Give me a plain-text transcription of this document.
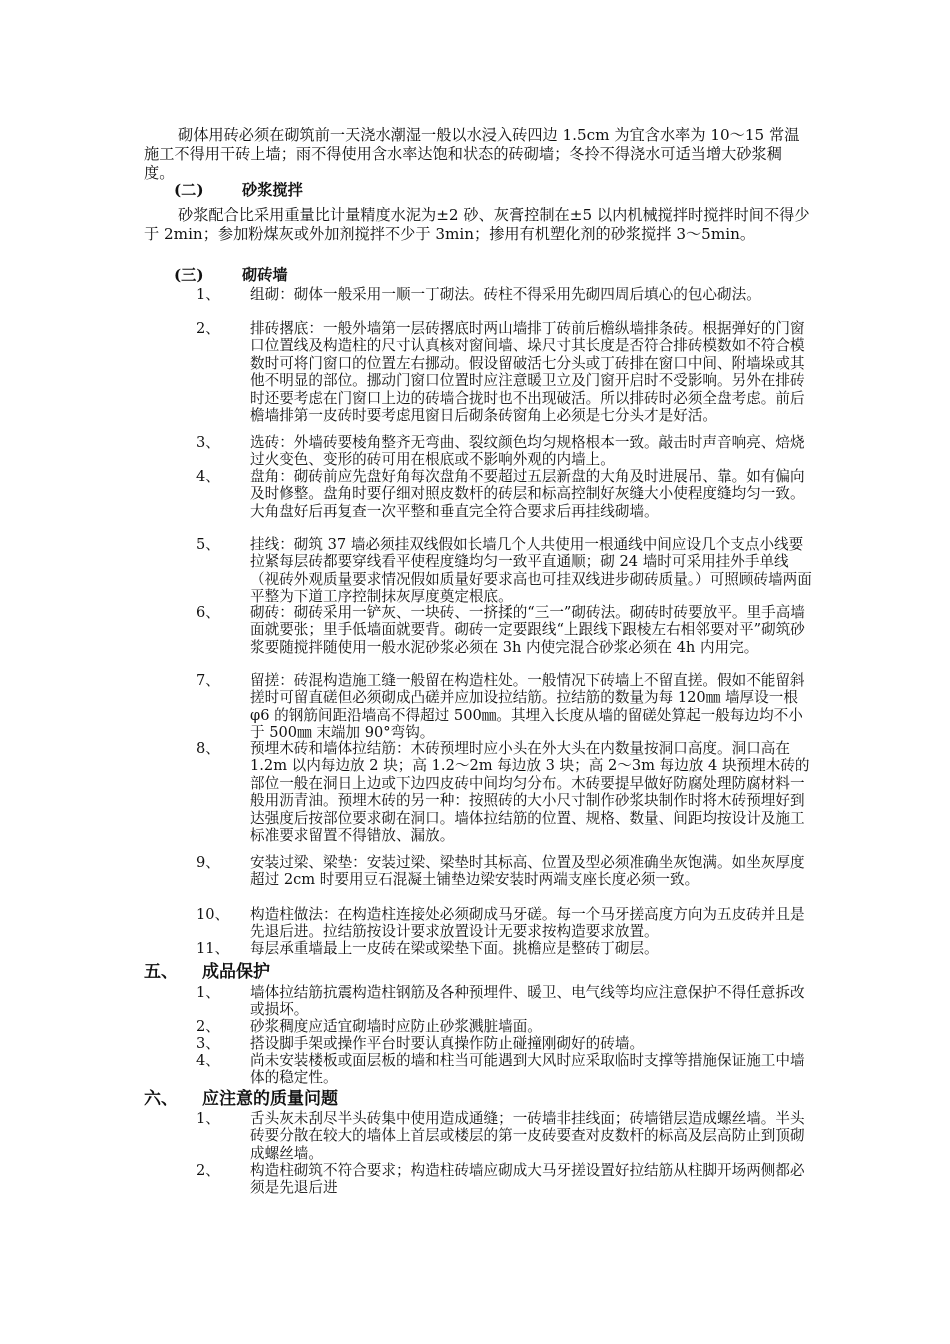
砌体用砖必须在砌筑前一天浇水潮湿一般以水浸入砖四边 1.5cm 为宜含水率为 10～15 常温施工不得用干砖上墙；雨不得使用含水率达饱和状态的砖砌墙；冬拎不得浇水可适当增大砂浆稠度。

(二)	砂浆搅拌

砂浆配合比采用重量比计量精度水泥为±2 砂、灰膏控制在±5 以内机械搅拌时搅拌时间不得少于 2min；参加粉煤灰或外加剂搅拌不少于 3min；掺用有机塑化剂的砂浆搅拌 3～5min。

(三)	砌砖墙
1、 组砌：砌体一般采用一顺一丁砌法。砖柱不得采用先砌四周后填心的包心砌法。
2、 排砖撂底：一般外墙第一层砖撂底时两山墙排丁砖前后檐纵墙排条砖。根据弹好的门窗口位置线及构造柱的尺寸认真核对窗间墙、垛尺寸其长度是否符合排砖模数如不符合模数时可将门窗口的位置左右挪动。假设留破活七分头或丁砖排在窗口中间、附墙垛或其他不明显的部位。挪动门窗口位置时应注意暖卫立及门窗开启时不受影响。另外在排砖时还要考虑在门窗口上边的砖墙合拢时也不出现破活。所以排砖时必须全盘考虑。前后檐墙排第一皮砖时要考虑甩窗日后砌条砖窗角上必须是七分头才是好活。
3、 选砖：外墙砖要棱角整齐无弯曲、裂纹颜色均匀规格根本一致。敲击时声音响亮、焙烧过火变色、变形的砖可用在根底或不影响外观的内墙上。
4、 盘角：砌砖前应先盘好角每次盘角不要超过五层新盘的大角及时进展吊、靠。如有偏向及时修整。盘角时要仔细对照皮数杆的砖层和标高控制好灰缝大小使程度缝均匀一致。大角盘好后再复查一次平整和垂直完全符合要求后再挂线砌墙。
5、 挂线：砌筑 37 墙必须挂双线假如长墙几个人共使用一根通线中间应设几个支点小线要拉紧每层砖都要穿线看平使程度缝均匀一致平直通顺；砌 24 墙时可采用挂外手单线（视砖外观质量要求情况假如质量好要求高也可挂双线进步砌砖质量。）可照顾砖墙两面平整为下道工序控制抹灰厚度奠定根底。
6、 砌砖：砌砖采用一铲灰、一块砖、一挤揉的“三一”砌砖法。砌砖时砖要放平。里手高墙面就要张；里手低墙面就要背。砌砖一定要跟线“上跟线下跟棱左右相邻要对平”砌筑砂浆要随搅拌随使用一般水泥砂浆必须在 3h 内使完混合砂浆必须在 4h 内用完。
7、 留搓：砖混构造施工缝一般留在构造柱处。一般情况下砖墙上不留直搓。假如不能留斜搓时可留直磋但必须砌成凸磋并应加设拉结筋。拉结筋的数量为每 120㎜ 墙厚设一根 φ6 的钢筋间距沿墙高不得超过 500㎜。其埋入长度从墙的留磋处算起一般每边均不小于 500㎜ 末端加 90°弯钩。
8、 预埋木砖和墙体拉结筋：木砖预埋时应小头在外大头在内数量按洞口高度。洞口高在 1.2m 以内每边放 2 块；高 1.2～2m 每边放 3 块；高 2～3m 每边放 4 块预埋木砖的部位一般在洞日上边或下边四皮砖中间均匀分布。木砖要提早做好防腐处理防腐材料一般用沥青油。预埋木砖的另一种：按照砖的大小尺寸制作砂浆块制作时将木砖预埋好到达强度后按部位要求砌在洞口。墙体拉结筋的位置、规格、数量、间距均按设计及施工标准要求留置不得错放、漏放。
9、 安装过梁、梁垫：安装过梁、梁垫时其标高、位置及型必须准确坐灰饱满。如坐灰厚度超过 2cm 时要用豆石混凝土铺垫边梁安装时两端支座长度必须一致。
10、 构造柱做法：在构造柱连接处必须砌成马牙磋。每一个马牙搓高度方向为五皮砖并且是先退后进。拉结筋按设计要求放置设计无要求按构造要求放置。
11、 每层承重墙最上一皮砖在梁或梁垫下面。挑檐应是整砖丁砌层。
五、 成品保护
1、 墙体拉结筋抗震构造柱钢筋及各种预埋件、暖卫、电气线等均应注意保护不得任意拆改或损坏。
2、 砂浆稠度应适宜砌墙时应防止砂浆溅脏墙面。
3、 搭设脚手架或操作平台时要认真操作防止碰撞刚砌好的砖墙。
4、 尚未安装楼板或面层板的墙和柱当可能遇到大风时应采取临时支撑等措施保证施工中墙体的稳定性。
六、 应注意的质量问题
1、 舌头灰未刮尽半头砖集中使用造成通缝；一砖墙非挂线面；砖墙错层造成螺丝墙。半头砖要分散在较大的墙体上首层或楼层的第一皮砖要查对皮数杆的标高及层高防止到顶砌成螺丝墙。
2、 构造柱砌筑不符合要求；构造柱砖墙应砌成大马牙搓设置好拉结筋从柱脚开场两侧都必须是先退后进
